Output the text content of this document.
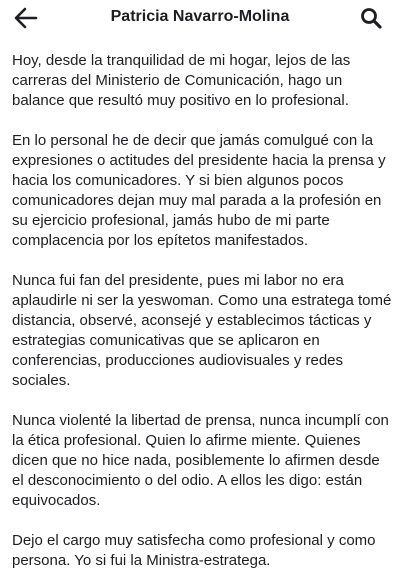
Patricia Navarro-Molina

Hoy, desde la tranquilidad de mi hogar, lejos de las carreras del Ministerio de Comunicación, hago un balance que resultó muy positivo en lo profesional.

En lo personal he de decir que jamás comulgué con la expresiones o actitudes del presidente hacia la prensa y hacia los comunicadores. Y si bien algunos pocos comunicadores dejan muy mal parada a la profesión en su ejercicio profesional, jamás hubo de mi parte complacencia por los epítetos manifestados.

Nunca fui fan del presidente, pues mi labor no era aplaudirle ni ser la yeswoman. Como una estratega tomé distancia, observé, aconsejé y establecimos tácticas y estrategias comunicativas que se aplicaron en conferencias, producciones audiovisuales y redes sociales.

Nunca violenté la libertad de prensa, nunca incumplí con la ética profesional. Quien lo afirme miente. Quienes dicen que no hice nada, posiblemente lo afirmen desde el desconocimiento o del odio. A ellos les digo: están equivocados.

Dejo el cargo muy satisfecha como profesional y como persona. Yo si fui la Ministra-estratega.
